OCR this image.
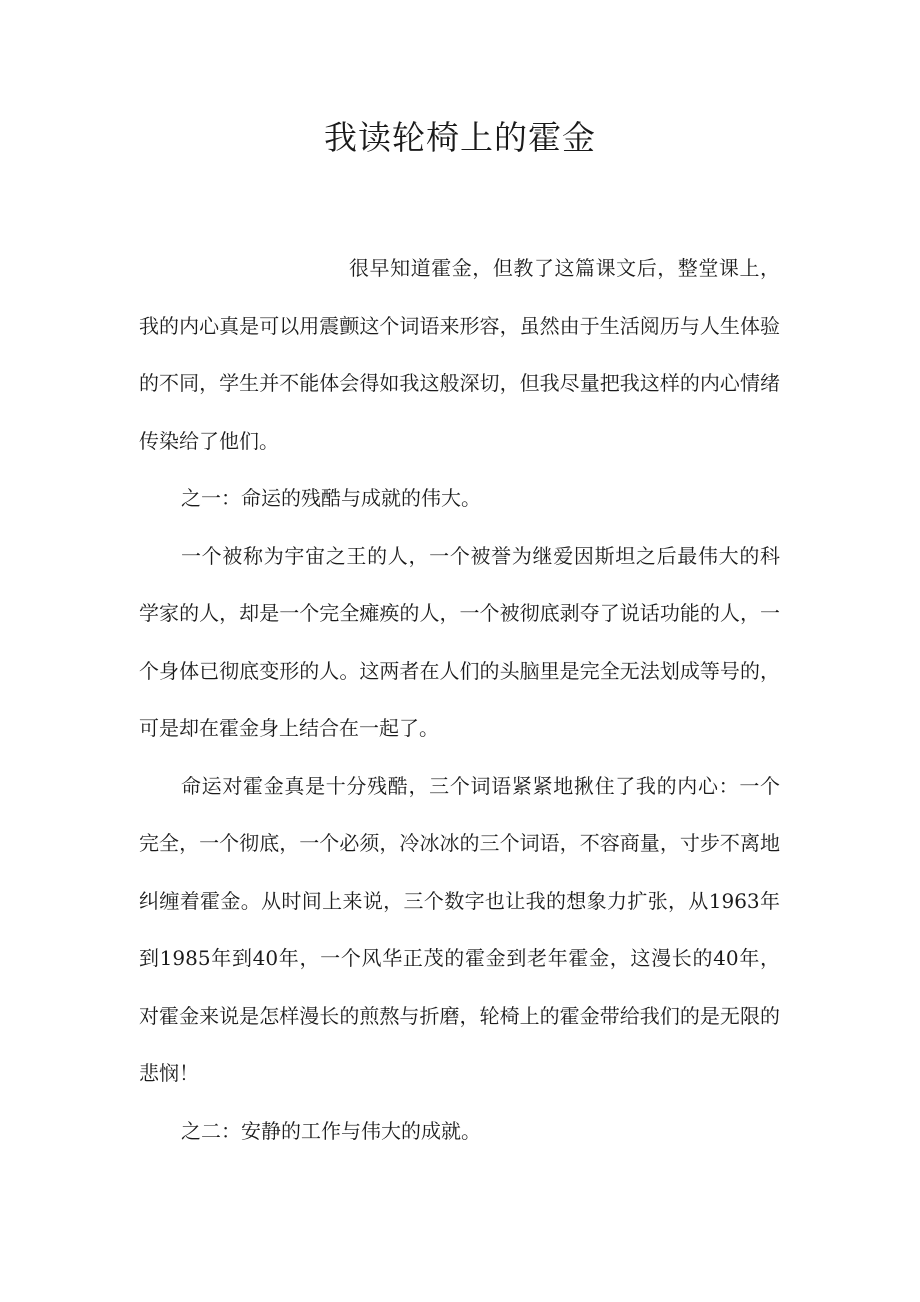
我读轮椅上的霍金

很早知道霍金，但教了这篇课文后，整堂课上，我的内心真是可以用震颤这个词语来形容，虽然由于生活阅历与人生体验的不同，学生并不能体会得如我这般深切，但我尽量把我这样的内心情绪传染给了他们。

之一：命运的残酷与成就的伟大。

一个被称为宇宙之王的人，一个被誉为继爱因斯坦之后最伟大的科学家的人，却是一个完全瘫痪的人，一个被彻底剥夺了说话功能的人，一个身体已彻底变形的人。这两者在人们的头脑里是完全无法划成等号的，可是却在霍金身上结合在一起了。

命运对霍金真是十分残酷，三个词语紧紧地揪住了我的内心：一个完全，一个彻底，一个必须，冷冰冰的三个词语，不容商量，寸步不离地纠缠着霍金。从时间上来说，三个数字也让我的想象力扩张，从1963年到1985年到40年，一个风华正茂的霍金到老年霍金，这漫长的40年，对霍金来说是怎样漫长的煎熬与折磨，轮椅上的霍金带给我们的是无限的悲悯！

之二：安静的工作与伟大的成就。
